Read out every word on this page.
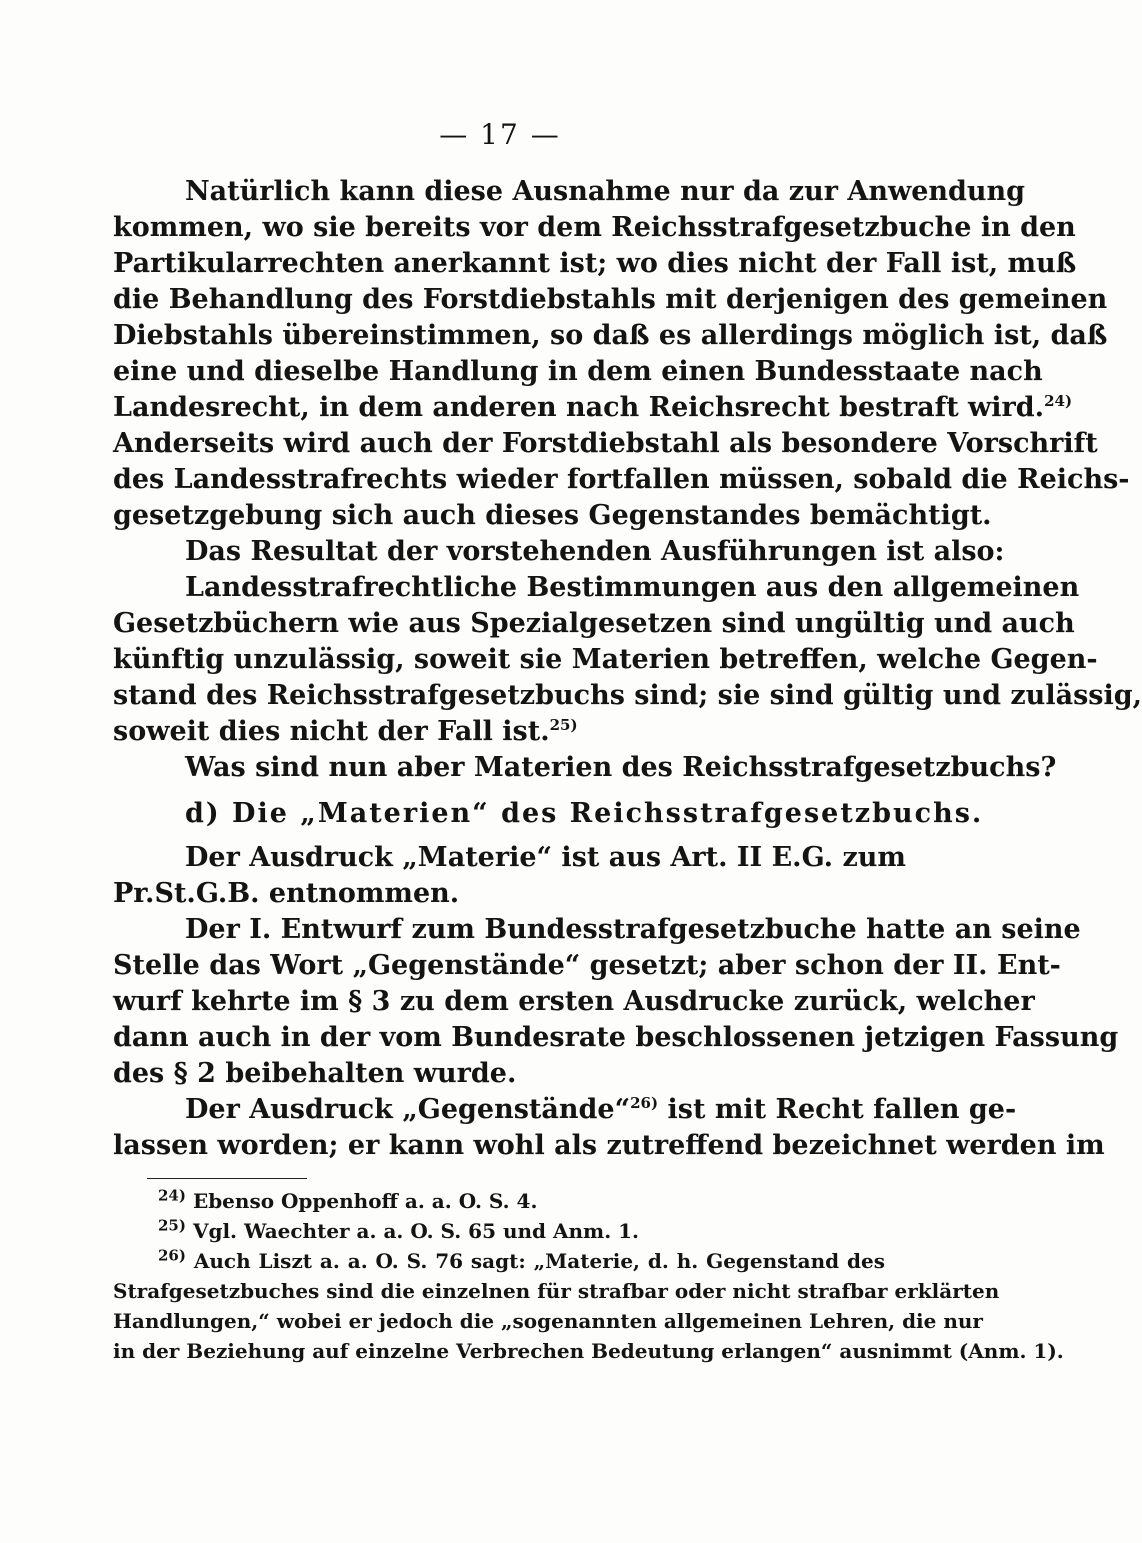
— 17 —
Natürlich kann diese Ausnahme nur da zur Anwendung
kommen, wo sie bereits vor dem Reichsstrafgesetzbuche in den
Partikularrechten anerkannt ist; wo dies nicht der Fall ist, muß
die Behandlung des Forstdiebstahls mit derjenigen des gemeinen
Diebstahls übereinstimmen, so daß es allerdings möglich ist, daß
eine und dieselbe Handlung in dem einen Bundesstaate nach
Landesrecht, in dem anderen nach Reichsrecht bestraft wird.$^{24)}$
Anderseits wird auch der Forstdiebstahl als besondere Vorschrift
des Landesstrafrechts wieder fortfallen müssen, sobald die Reichs-
gesetzgebung sich auch dieses Gegenstandes bemächtigt.
Das Resultat der vorstehenden Ausführungen ist also:
Landesstrafrechtliche Bestimmungen aus den allgemeinen
Gesetzbüchern wie aus Spezialgesetzen sind ungültig und auch
künftig unzulässig, soweit sie Materien betreffen, welche Gegen-
stand des Reichsstrafgesetzbuchs sind; sie sind gültig und zulässig,
soweit dies nicht der Fall ist.$^{25)}$
Was sind nun aber Materien des Reichsstrafgesetzbuchs?
d) Die „Materien“ des Reichsstrafgesetzbuchs.
Der Ausdruck „Materie“ ist aus Art. II E.G. zum
Pr.St.G.B. entnommen.
Der I. Entwurf zum Bundesstrafgesetzbuche hatte an seine
Stelle das Wort „Gegenstände“ gesetzt; aber schon der II. Ent-
wurf kehrte im § 3 zu dem ersten Ausdrucke zurück, welcher
dann auch in der vom Bundesrate beschlossenen jetzigen Fassung
des § 2 beibehalten wurde.
Der Ausdruck „Gegenstände“$^{26)}$ ist mit Recht fallen ge-
lassen worden; er kann wohl als zutreffend bezeichnet werden im
$^{24)}$ Ebenso Oppenhoff a. a. O. S. 4.
$^{25)}$ Vgl. Waechter a. a. O. S. 65 und Anm. 1.
$^{26)}$ Auch Liszt a. a. O. S. 76 sagt: „Materie, d. h. Gegenstand des
Strafgesetzbuches sind die einzelnen für strafbar oder nicht strafbar erklärten
Handlungen,“ wobei er jedoch die „sogenannten allgemeinen Lehren, die nur
in der Beziehung auf einzelne Verbrechen Bedeutung erlangen“ ausnimmt (Anm. 1).
